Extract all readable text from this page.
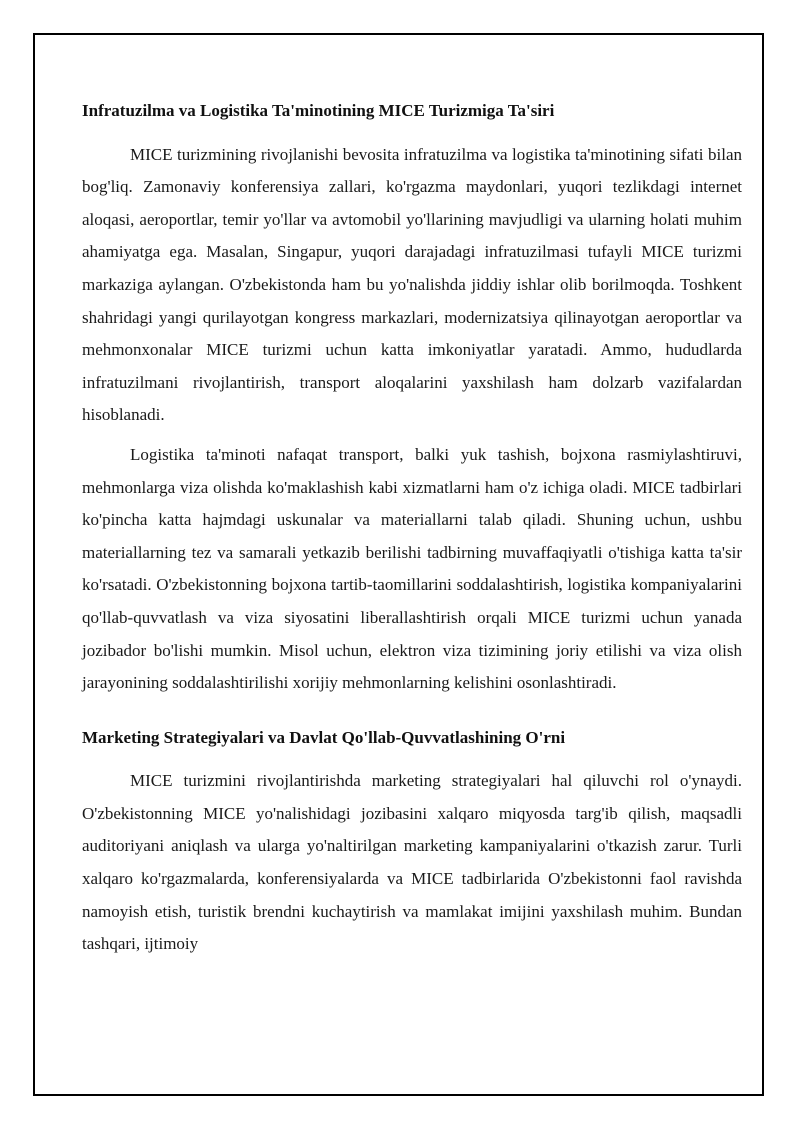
Infratuzilma va Logistika Ta'minotining MICE Turizmiga Ta'siri

MICE turizmining rivojlanishi bevosita infratuzilma va logistika ta'minotining sifati bilan bog'liq. Zamonaviy konferensiya zallari, ko'rgazma maydonlari, yuqori tezlikdagi internet aloqasi, aeroportlar, temir yo'llar va avtomobil yo'llarining mavjudligi va ularning holati muhim ahamiyatga ega. Masalan, Singapur, yuqori darajadagi infratuzilmasi tufayli MICE turizmi markaziga aylangan. O'zbekistonda ham bu yo'nalishda jiddiy ishlar olib borilmoqda. Toshkent shahridagi yangi qurilayotgan kongress markazlari, modernizatsiya qilinayotgan aeroportlar va mehmonxonalar MICE turizmi uchun katta imkoniyatlar yaratadi. Ammo, hududlarda infratuzilmani rivojlantirish, transport aloqalarini yaxshilash ham dolzarb vazifalardan hisoblanadi.

Logistika ta'minoti nafaqat transport, balki yuk tashish, bojxona rasmiylashtiruvi, mehmonlarga viza olishda ko'maklashish kabi xizmatlarni ham o'z ichiga oladi. MICE tadbirlari ko'pincha katta hajmdagi uskunalar va materiallarni talab qiladi. Shuning uchun, ushbu materiallarning tez va samarali yetkazib berilishi tadbirning muvaffaqiyatli o'tishiga katta ta'sir ko'rsatadi. O'zbekistonning bojxona tartib-taomillarini soddalashtirish, logistika kompaniyalarini qo'llab-quvvatlash va viza siyosatini liberallashtirish orqali MICE turizmi uchun yanada jozibador bo'lishi mumkin. Misol uchun, elektron viza tizimining joriy etilishi va viza olish jarayonining soddalashtirilishi xorijiy mehmonlarning kelishini osonlashtiradi.

Marketing Strategiyalari va Davlat Qo'llab-Quvvatlashining O'rni

MICE turizmini rivojlantirishda marketing strategiyalari hal qiluvchi rol o'ynaydi. O'zbekistonning MICE yo'nalishidagi jozibasini xalqaro miqyosda targ'ib qilish, maqsadli auditoriyani aniqlash va ularga yo'naltirilgan marketing kampaniyalarini o'tkazish zarur. Turli xalqaro ko'rgazmalarda, konferensiyalarda va MICE tadbirlarida O'zbekistonni faol ravishda namoyish etish, turistik brendni kuchaytirish va mamlakat imijini yaxshilash muhim. Bundan tashqari, ijtimoiy
